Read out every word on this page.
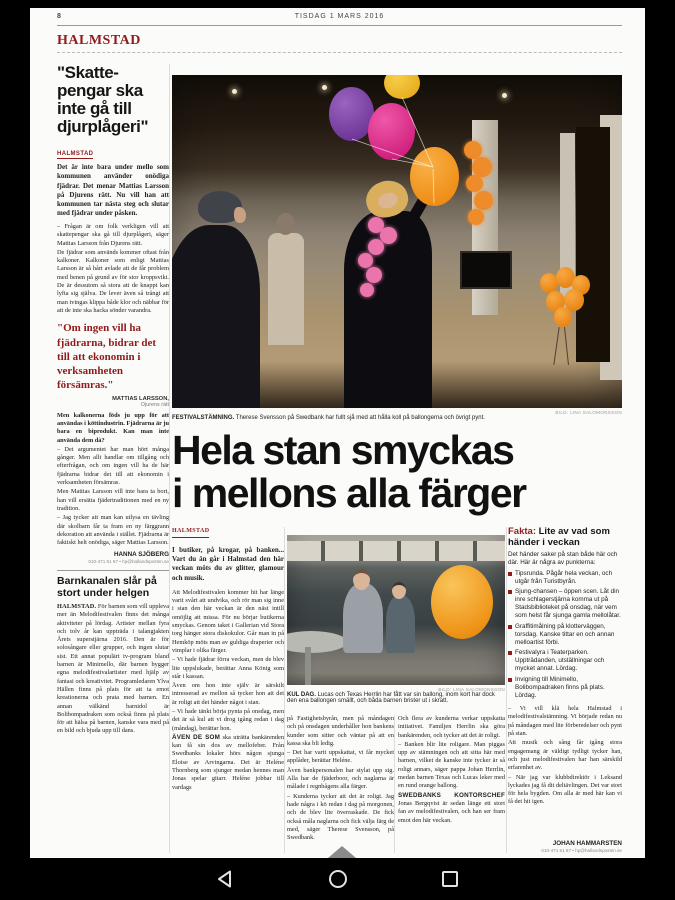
8	TISDAG 1 MARS 2016
HALMSTAD
"Skatte-
pengar ska
inte gå till
djurplågeri"
HALMSTAD

Det är inte bara under mello som kommunen använder onödiga fjädrar. Det menar Mattias Larsson på Djurens rätt. Nu vill han att kommunen tar nästa steg och slutar med fjädrar under påsken.

– Frågan är om folk verkligen vill att skattepengar ska gå till djurplågeri, säger Mattias Larsson från Djurens rätt.

De fjädrar som används kommer oftast från kalkoner. Kalkoner som enligt Mattias Larsson är så hårt avlade att de får problem med benen på grund av för stor kroppsvikt. De är dessutom så stora att de knappt kan lyfta sig själva. De lever även så trångt att man tvingas klippa både klor och näbbar för att de inte ska hacka sönder varandra.

"Om ingen vill ha fjädrarna, bidrar det till att ekonomin i verksamheten försämras."
MATTIAS LARSSON,
Djurens rätt

Men kalkonerna föds ju upp för att användas i köttindustrin. Fjädrarna är ju bara en biprodukt. Kan man inte använda dem då?

– Det argumentet har man hört många gånger. Men allt handlar om tillgång och efterfrågan, och om ingen vill ha de här fjädrarna bidrar det till att ekonomin i verksamheten försämras.

Men Mattias Larsson vill inte bara ta bort, han vill ersätta fjädertraditionen med en ny tradition.

– Jag tycker att man kan utlysa en tävling där skolbarn får ta fram en ny färggrann dekoration att använda i stället. Fjädrarna är faktiskt helt onödiga, säger Mattias Larsson.

HANNA SJÖBERG
010-471 51 87 • hp@hallandsposten.se
Barnkanalen slår på stort under helgen

HALMSTAD. För barnen som vill uppleva mer än Melodifestivalen finns det många aktiviteter på lördag. Artister mellan fyra och tolv år kan uppträda i talangjakten Årets superstjärna 2016. Den är för solosångare eller grupper, och ingen slutar sist. Ett annat populärt tv-program bland barnen är Minimello, där barnen bygger egna melodifestivalartister med hjälp av fantasi och kreativitet. Programledaren Ylva Hällen finns på plats för att ta emot kreationerna och prata med barnen. En annan välkänd barnidol är Bolibompadraken som också finns på plats för att hälsa på barnen, kanske vara med på en bild och bjuda upp till dans.

BILD: LINA SALOMONSSON
FESTIVALSTÄMNING. Therese Svensson på Swedbank har fullt sjå med att hålla koll på ballongerna och övrigt pynt.
Hela stan smyckas
i mellons alla färger
HALMSTAD

I butiker, på krogar, på banken... Vart du än går i Halmstad den här veckan möts du av glitter, glamour och musik.

Att Melodifestivalen kommer hit har länge varit svårt att undvika, och rör man sig inne i stan den här veckan är den näst intill omöjlig att missa. För nu börjar butikerna smyckas. Genom taket i Gallerian vid Stora torg hänger stora diskokulor. Går man in på Hemköp möts man av guldiga draperier och vimplar i olika färger.

– Vi hade fjädrar förra veckan, men de blev lite uppslukade, berättar Anna König som står i kassan.

Även om hon inte själv är särskilt intresserad av mellon så tycker hon att det är roligt att det händer något i stan.

– Vi hade tänkt börja pynta på onsdag, men det är så kul att vi drog igång redan i dag (måndag), berättar hon.

ÄVEN DE SOM ska uträtta bankärenden kan få sin dos av mellofeber. Från Swedbanks lokaler hörs någon sjunga Eloise av Arvingarna. Det är Heléne Thornberg som sjunger medan hennes man Jonas spelar gitarr. Heléne jobbar till vardags

BILD: LINA SALOMONSSON
KUL DAG. Lucas och Texas Herrlin har fått var sin ballong, inom kort har dock den ena ballongen smällt, och båda barnen brister ut i skratt.

på Fastighetsbyrån, men på måndagen och på onsdagen underhåller hon bankens kunder som sitter och väntar på att en kassa ska bli ledig.

– Det har varit uppskattat, vi får mycket applåder, berättar Heléne.

Även bankpersonalen har stylat upp sig. Alla har de fjäderboor, och naglarna är målade i regnbågens alla färger.

– Kunderna tycker att det är roligt. Jag hade några i kö redan i dag på morgonen, och de blev lite överraskade. De fick också måla naglarna och fick välja färg de med, säger Therese Svensson, på Swedbank.

Och flera av kunderna verkar uppskatta initiativet. Familjen Herrlin ska göra bankärenden, och tycker att det är roligt.

– Banken blir lite roligare. Man piggas upp av stämningen och att sitta här med barnen, vilket de kanske inte tycker är så roligt annars, säger pappa Johan Herrlin, medan barnen Texas och Lucas leker med en rund orange ballong.

SWEDBANKS KONTORSCHEF Jonas Bergqvist är sedan länge ett stort fan av melodifestivalen, och han ser fram emot den här veckan.

Fakta: Lite av vad som händer i veckan

Det händer saker på stan både här och där. Här är några av punkterna:

Tipsrunda. Pågår hela veckan, och utgår från Turistbyrån.
Sjung-chansen – öppen scen. Låt din inre schlagerstjärna komma ut på Stadsbiblioteket på onsdag, när vem som helst får sjunga gamla mellolåtar.
Graffitimålning på klotterväggen, torsdag. Kanske tittar en och annan melloartist förbi.
Festivalyra i Teaterparken. Uppträdanden, utställningar och mycket annat. Lördag.
Invigning till Minimello, Bolibompadraken finns på plats. Lördag.

– Vi vill klä hela Halmstad i melodifestivalstämning. Vi började redan nu på måndagen med lite förberedelser och pynt på stan.

Att musik och sång får igång stora engagemang är väldigt tydligt tycker han, och just melodifestivalen har han särskild erfarenhet av.

– När jag var klubbdirektör i Leksand lyckades jag få dit deltävlingen. Det var stort för hela bygden. Om alla är med här kan vi få det hit igen.

JOHAN HAMMARSTEN
010-471 51 87 • hp@hallandsposten.se
